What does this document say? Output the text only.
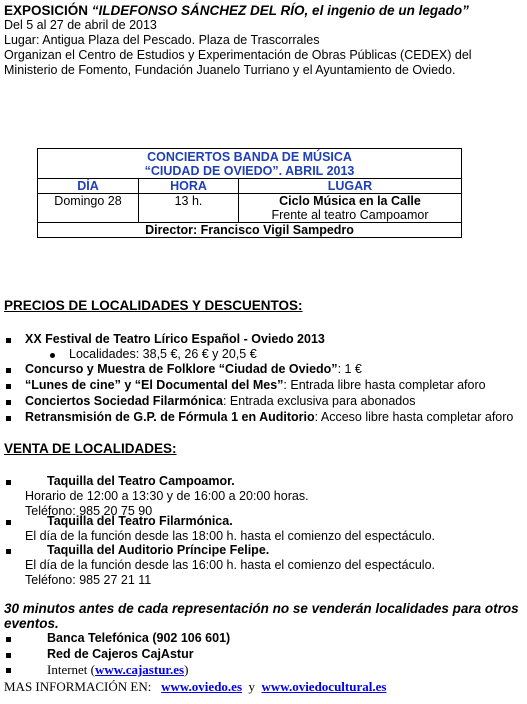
EXPOSICIÓN “ILDEFONSO SÁNCHEZ DEL RÍO, el ingenio de un legado”
Del 5 al 27 de abril de 2013
Lugar: Antigua Plaza del Pescado. Plaza de Trascorrales
Organizan el Centro de Estudios y Experimentación de Obras Públicas (CEDEX) del
Ministerio de Fomento, Fundación Juanelo Turriano y el Ayuntamiento de Oviedo.
CONCIERTOS BANDA DE MÚSICA
“CIUDAD DE OVIEDO”. ABRIL 2013		

DÍA	HORA	LUGAR
Domingo 28	13 h.	Ciclo Música en la Calle
Frente al teatro Campoamor

Director: Francisco Vigil Sampedro		
PRECIOS DE LOCALIDADES Y DESCUENTOS:
XX Festival de Teatro Lírico Español - Oviedo 2013
Localidades: 38,5 €, 26 € y 20,5 €
Concurso y Muestra de Folklore “Ciudad de Oviedo”: 1 €
“Lunes de cine” y “El Documental del Mes”: Entrada libre hasta completar aforo
Conciertos Sociedad Filarmónica: Entrada exclusiva para abonados
Retransmisión de G.P. de Fórmula 1 en Auditorio: Acceso libre hasta completar aforo
VENTA DE LOCALIDADES:
Taquilla del Teatro Campoamor.
Horario de 12:00 a 13:30 y de 16:00 a 20:00 horas.
Teléfono: 985 20 75 90
Taquilla del Teatro Filarmónica.
El día de la función desde las 18:00 h. hasta el comienzo del espectáculo.
Taquilla del Auditorio Príncipe Felipe.
El día de la función desde las 16:00 h. hasta el comienzo del espectáculo.
Teléfono: 985 27 21 11
30 minutos antes de cada representación no se venderán localidades para otros
eventos.
Banca Telefónica (902 106 601)
Red de Cajeros CajAstur
Internet (www.cajastur.es)
MAS INFORMACIÓN EN: www.oviedo.es y www.oviedocultural.es
